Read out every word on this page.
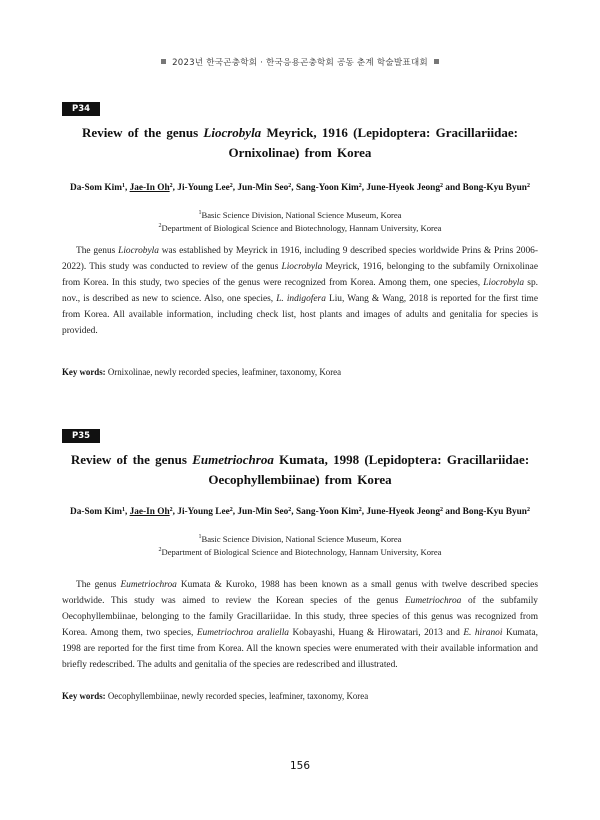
2023년 한국곤충학회 · 한국응용곤충학회 공동 춘계 학술발표대회
P34
Review of the genus Liocrobyla Meyrick, 1916 (Lepidoptera: Gracillariidae: Ornixolinae) from Korea
Da-Som Kim$^1$, Jae-In Oh$^2$, Ji-Young Lee$^2$, Jun-Min Seo$^2$, Sang-Yoon Kim$^2$, June-Hyeok Jeong$^2$ and Bong-Kyu Byun$^2$
$^1$Basic Science Division, National Science Museum, Korea
$^2$Department of Biological Science and Biotechnology, Hannam University, Korea
The genus Liocrobyla was established by Meyrick in 1916, including 9 described species worldwide Prins & Prins 2006-2022). This study was conducted to review of the genus Liocrobyla Meyrick, 1916, belonging to the subfamily Ornixolinae from Korea. In this study, two species of the genus were recognized from Korea. Among them, one species, Liocrobyla sp. nov., is described as new to science. Also, one species, L. indigofera Liu, Wang & Wang, 2018 is reported for the first time from Korea. All available information, including check list, host plants and images of adults and genitalia for species is provided.
Key words: Ornixolinae, newly recorded species, leafminer, taxonomy, Korea
P35
Review of the genus Eumetriochroa Kumata, 1998 (Lepidoptera: Gracillariidae: Oecophyllembiinae) from Korea
Da-Som Kim$^1$, Jae-In Oh$^2$, Ji-Young Lee$^2$, Jun-Min Seo$^2$, Sang-Yoon Kim$^2$, June-Hyeok Jeong$^2$ and Bong-Kyu Byun$^2$
$^1$Basic Science Division, National Science Museum, Korea
$^2$Department of Biological Science and Biotechnology, Hannam University, Korea
The genus Eumetriochroa Kumata & Kuroko, 1988 has been known as a small genus with twelve described species worldwide. This study was aimed to review the Korean species of the genus Eumetriochroa of the subfamily Oecophyllembiinae, belonging to the family Gracillariidae. In this study, three species of this genus was recognized from Korea. Among them, two species, Eumetriochroa araliella Kobayashi, Huang & Hirowatari, 2013 and E. hiranoi Kumata, 1998 are reported for the first time from Korea. All the known species were enumerated with their available information and briefly redescribed. The adults and genitalia of the species are redescribed and illustrated.
Key words: Oecophyllembiinae, newly recorded species, leafminer, taxonomy, Korea
156
